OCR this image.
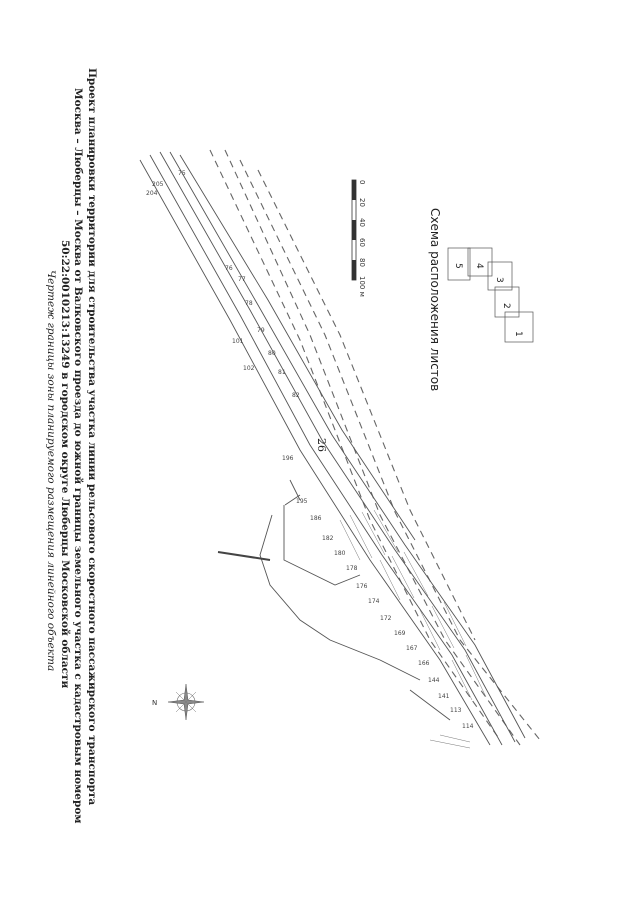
26
Проект планировки территории для строительства участка линии рельсового скоростного пассажирского транспорта
Москва – Люберцы – Москва от Валковского проезда до южной границы земельного участка с кадастровым номером
50:22:0010213:13249 в городском округе Люберцы Московской области
Чертеж границы зоны планируемого размещения линейного объекта
N
204
205
75
76
77
78
79
80
81
82
101
102
196
195
186
182
180
178
176
174
172
169
167
166
144
141
113
114
0
20
40
60
80
100 м
1
2
3
4
5
Схема расположения листов
